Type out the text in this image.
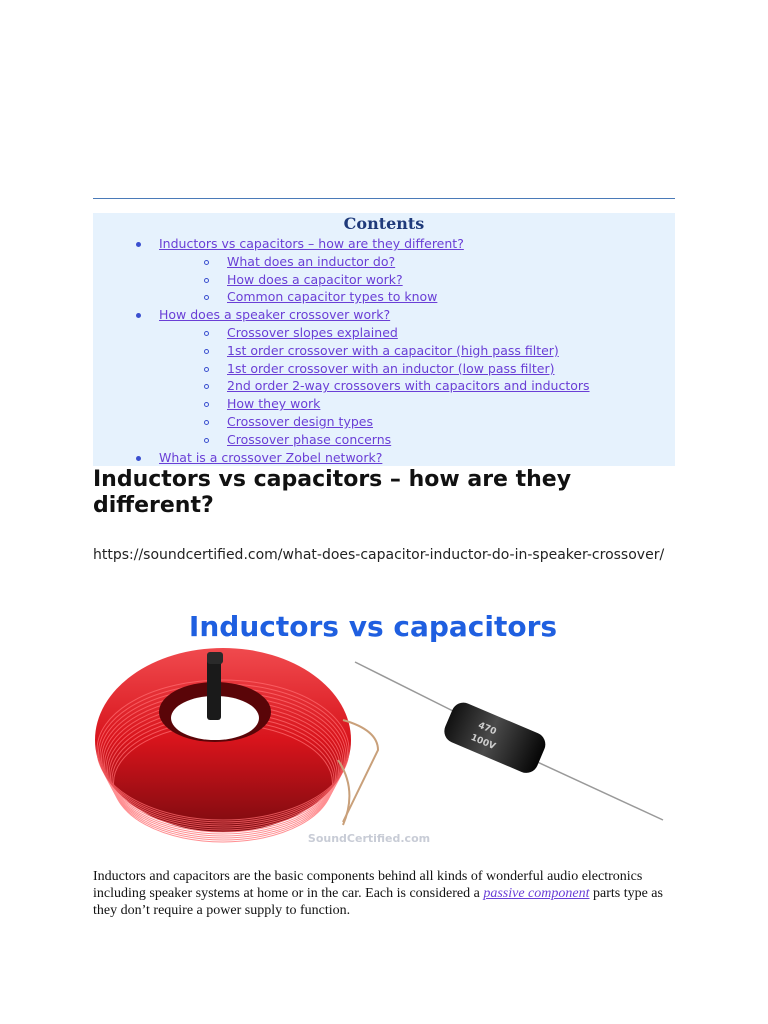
Contents
Inductors vs capacitors – how are they different?
What does an inductor do?
How does a capacitor work?
Common capacitor types to know
How does a speaker crossover work?
Crossover slopes explained
1st order crossover with a capacitor (high pass filter)
1st order crossover with an inductor (low pass filter)
2nd order 2-way crossovers with capacitors and inductors
How they work
Crossover design types
Crossover phase concerns
What is a crossover Zobel network?
Inductors vs capacitors – how are they different?
https://soundcertified.com/what-does-capacitor-inductor-do-in-speaker-crossover/
Inductors vs capacitors
470
100V
SoundCertified.com
Inductors and capacitors are the basic components behind all kinds of wonderful audio electronics including speaker systems at home or in the car. Each is considered a passive component parts type as they don’t require a power supply to function.
